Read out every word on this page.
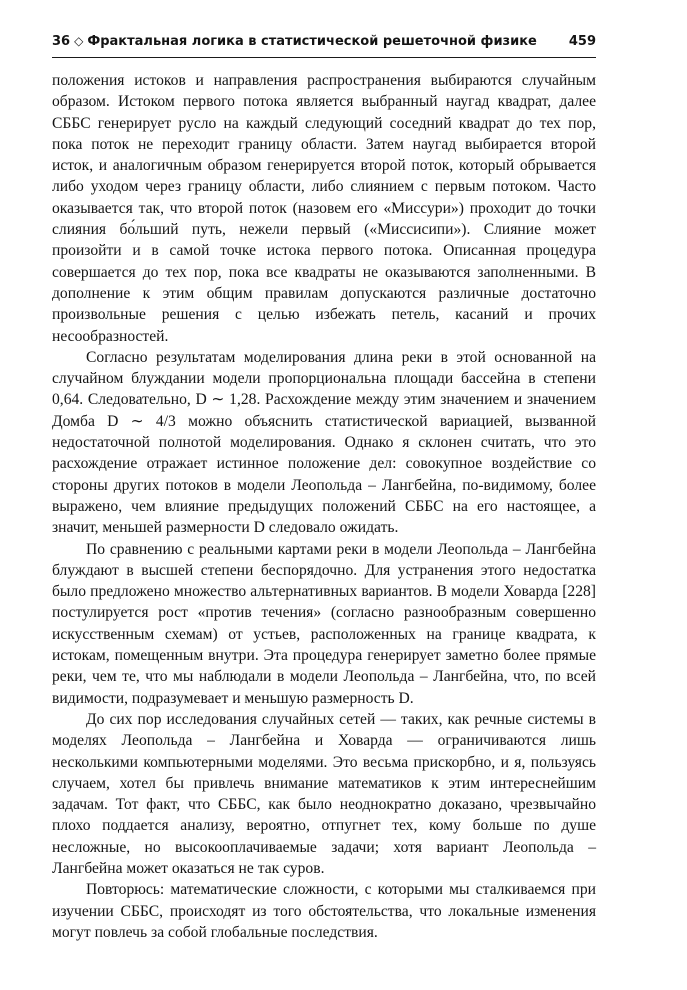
36 ◇ Фрактальная логика в статистической решеточной физике 459

положения истоков и направления распространения выбираются случайным образом. Истоком первого потока является выбранный наугад квадрат, далее СББС генерирует русло на каждый следующий соседний квадрат до тех пор, пока поток не переходит границу области. Затем наугад выбирается второй исток, и аналогичным образом генерируется второй поток, который обрывается либо уходом через границу области, либо слиянием с первым потоком. Часто оказывается так, что второй поток (назовем его «Миссури») проходит до точки слияния бо́льший путь, нежели первый («Миссисипи»). Слияние может произойти и в самой точке истока первого потока. Описанная процедура совершается до тех пор, пока все квадраты не оказываются заполненными. В дополнение к этим общим правилам допускаются различные достаточно произвольные решения с целью избежать петель, касаний и прочих несообразностей.

Согласно результатам моделирования длина реки в этой основанной на случайном блуждании модели пропорциональна площади бассейна в степени 0,64. Следовательно, D ∼ 1,28. Расхождение между этим значением и значением Домба D ∼ 4/3 можно объяснить статистической вариацией, вызванной недостаточной полнотой моделирования. Однако я склонен считать, что это расхождение отражает истинное положение дел: совокупное воздействие со стороны других потоков в модели Леопольда – Лангбейна, по-видимому, более выражено, чем влияние предыдущих положений СББС на его настоящее, а значит, меньшей размерности D следовало ожидать.

По сравнению с реальными картами реки в модели Леопольда – Лангбейна блуждают в высшей степени беспорядочно. Для устранения этого недостатка было предложено множество альтернативных вариантов. В модели Ховарда [228] постулируется рост «против течения» (согласно разнообразным совершенно искусственным схемам) от устьев, расположенных на границе квадрата, к истокам, помещенным внутри. Эта процедура генерирует заметно более прямые реки, чем те, что мы наблюдали в модели Леопольда – Лангбейна, что, по всей видимости, подразумевает и меньшую размерность D.

До сих пор исследования случайных сетей — таких, как речные системы в моделях Леопольда – Лангбейна и Ховарда — ограничиваются лишь несколькими компьютерными моделями. Это весьма прискорбно, и я, пользуясь случаем, хотел бы привлечь внимание математиков к этим интереснейшим задачам. Тот факт, что СББС, как было неоднократно доказано, чрезвычайно плохо поддается анализу, вероятно, отпугнет тех, кому больше по душе несложные, но высокооплачиваемые задачи; хотя вариант Леопольда – Лангбейна может оказаться не так суров.

Повторюсь: математические сложности, с которыми мы сталкиваемся при изучении СББС, происходят из того обстоятельства, что локальные изменения могут повлечь за собой глобальные последствия.
